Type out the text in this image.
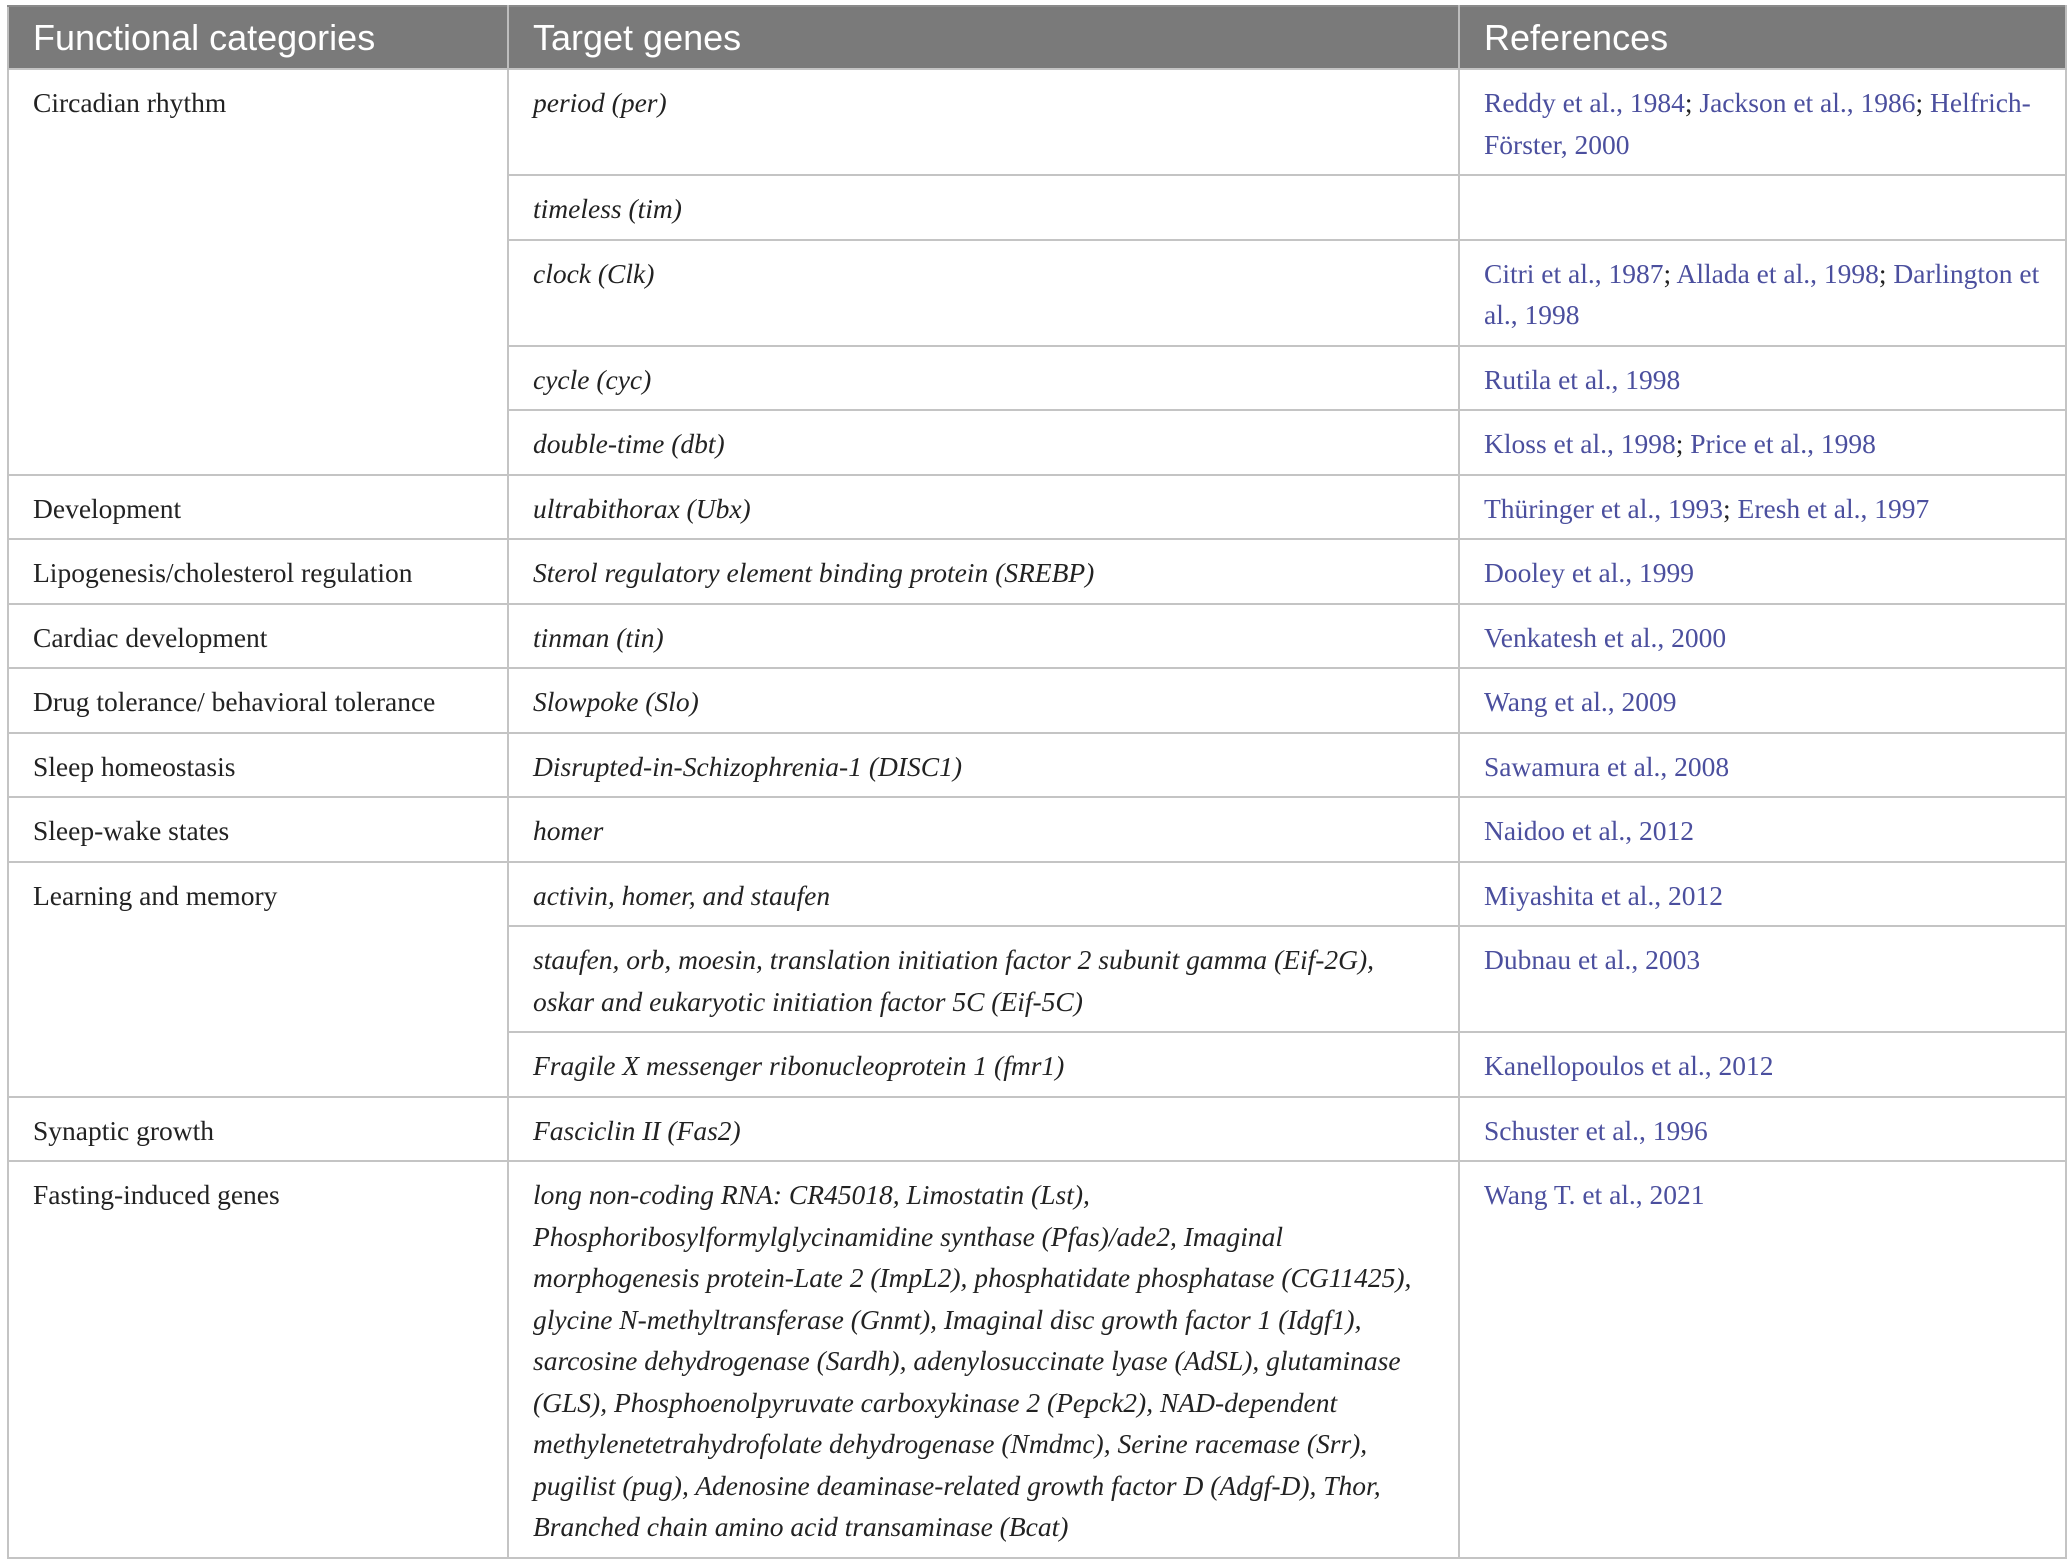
Functional categories	Target genes	References
Circadian rhythm	period (per)	Reddy et al., 1984; Jackson et al., 1986; Helfrich-Förster, 2000
	timeless (tim)	
	clock (Clk)	Citri et al., 1987; Allada et al., 1998; Darlington et al., 1998
	cycle (cyc)	Rutila et al., 1998
	double-time (dbt)	Kloss et al., 1998; Price et al., 1998
Development	ultrabithorax (Ubx)	Thüringer et al., 1993; Eresh et al., 1997
Lipogenesis/cholesterol regulation	Sterol regulatory element binding protein (SREBP)	Dooley et al., 1999
Cardiac development	tinman (tin)	Venkatesh et al., 2000
Drug tolerance/ behavioral tolerance	Slowpoke (Slo)	Wang et al., 2009
Sleep homeostasis	Disrupted-in-Schizophrenia-1 (DISC1)	Sawamura et al., 2008
Sleep-wake states	homer	Naidoo et al., 2012
Learning and memory	activin, homer, and staufen	Miyashita et al., 2012
	staufen, orb, moesin, translation initiation factor 2 subunit gamma (Eif-2G), oskar and eukaryotic initiation factor 5C (Eif-5C)	Dubnau et al., 2003
	Fragile X messenger ribonucleoprotein 1 (fmr1)	Kanellopoulos et al., 2012
Synaptic growth	Fasciclin II (Fas2)	Schuster et al., 1996
Fasting-induced genes	long non-coding RNA: CR45018, Limostatin (Lst), Phosphoribosylformylglycinamidine synthase (Pfas)/ade2, Imaginal morphogenesis protein-Late 2 (ImpL2), phosphatidate phosphatase (CG11425), glycine N-methyltransferase (Gnmt), Imaginal disc growth factor 1 (Idgf1), sarcosine dehydrogenase (Sardh), adenylosuccinate lyase (AdSL), glutaminase (GLS), Phosphoenolpyruvate carboxykinase 2 (Pepck2), NAD-dependent methylenetetrahydrofolate dehydrogenase (Nmdmc), Serine racemase (Srr), pugilist (pug), Adenosine deaminase-related growth factor D (Adgf-D), Thor, Branched chain amino acid transaminase (Bcat)	Wang T. et al., 2021
